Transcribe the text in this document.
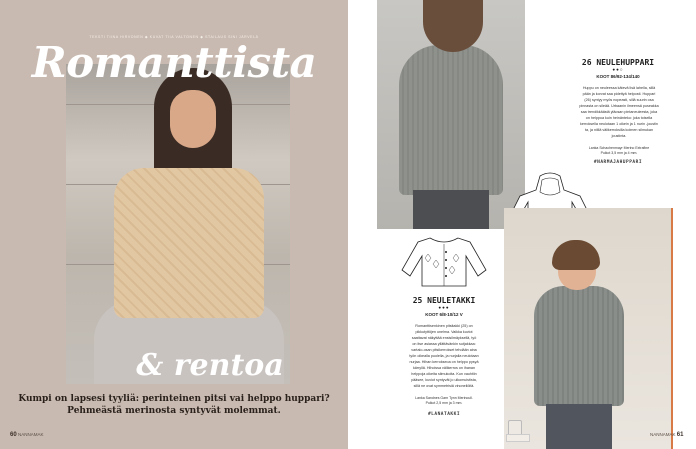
TEKSTI TIINA HIRVONEN ◆ KUVAT TIIA VALTONEN ◆ STAILAUS SINI JÄRVELÄ
Romanttista
& rentoa
Kumpi on lapsesi tyyliä: perinteinen pitsi vai helppo huppari?
Pehmeästä merinosta syntyvät molemmat.
60 NANNAMAK
26 NEULEHUPPARI
●●○
KOOT 86/92-134/140
Huppu on neuleessa kätevä lisä lahella, sillä
pään ja korvat saa pidettyä helposti. Huppari
(26) syntyy myös nopeasti, sillä suurin osa
pinnasta on sileää. Urbaanin ilmeensä puseakka
saa trendikkäästä yläosan pintaneuleesta, joka
on helppoa kuin heinänteko: joka toisella
kerroksella neulotaan 1 oikein ja 1 nurin -joustin
ta, ja niillä välikerroksilla kolmen silmukan
joustinta.
Lanka Schachenmayr Merino Extrafine
Puikot 3,5 mm ja 4 mm.
#NARMAJAHUPPARI
25 NEULETAKKI
●●●
KOOT 6/8-10/12 V
Romanttisenkinen pitsitakki (25) on
pikkutyttöjen unelma. Vaikka kuviot
saattavat näkyttää ensisilmäyksellä, työ
on itse asiassa yllättävänkin sutjakkaa:
vartalo-osan pitsikerrokset tehdään aina
työn oikealla puolella, ja nurjalla neulotaan
nurjaa. Hihan kerrokseoa on helppo pysyä
kärryllä. Hihoissa välikerros on ihanan
helppoja oikeita silmukoita. Kun vauhtiin
pääsee, kuviot syntyvät jo ulkomuistista,
sillä ne ovat symmetrisiä vinoneliöitä.
Lanka Sandnes Garn Tynn Merinoull.
Puikot 2,5 mm ja 3 mm.
#LANATAKKI
NANNAMAK 61
